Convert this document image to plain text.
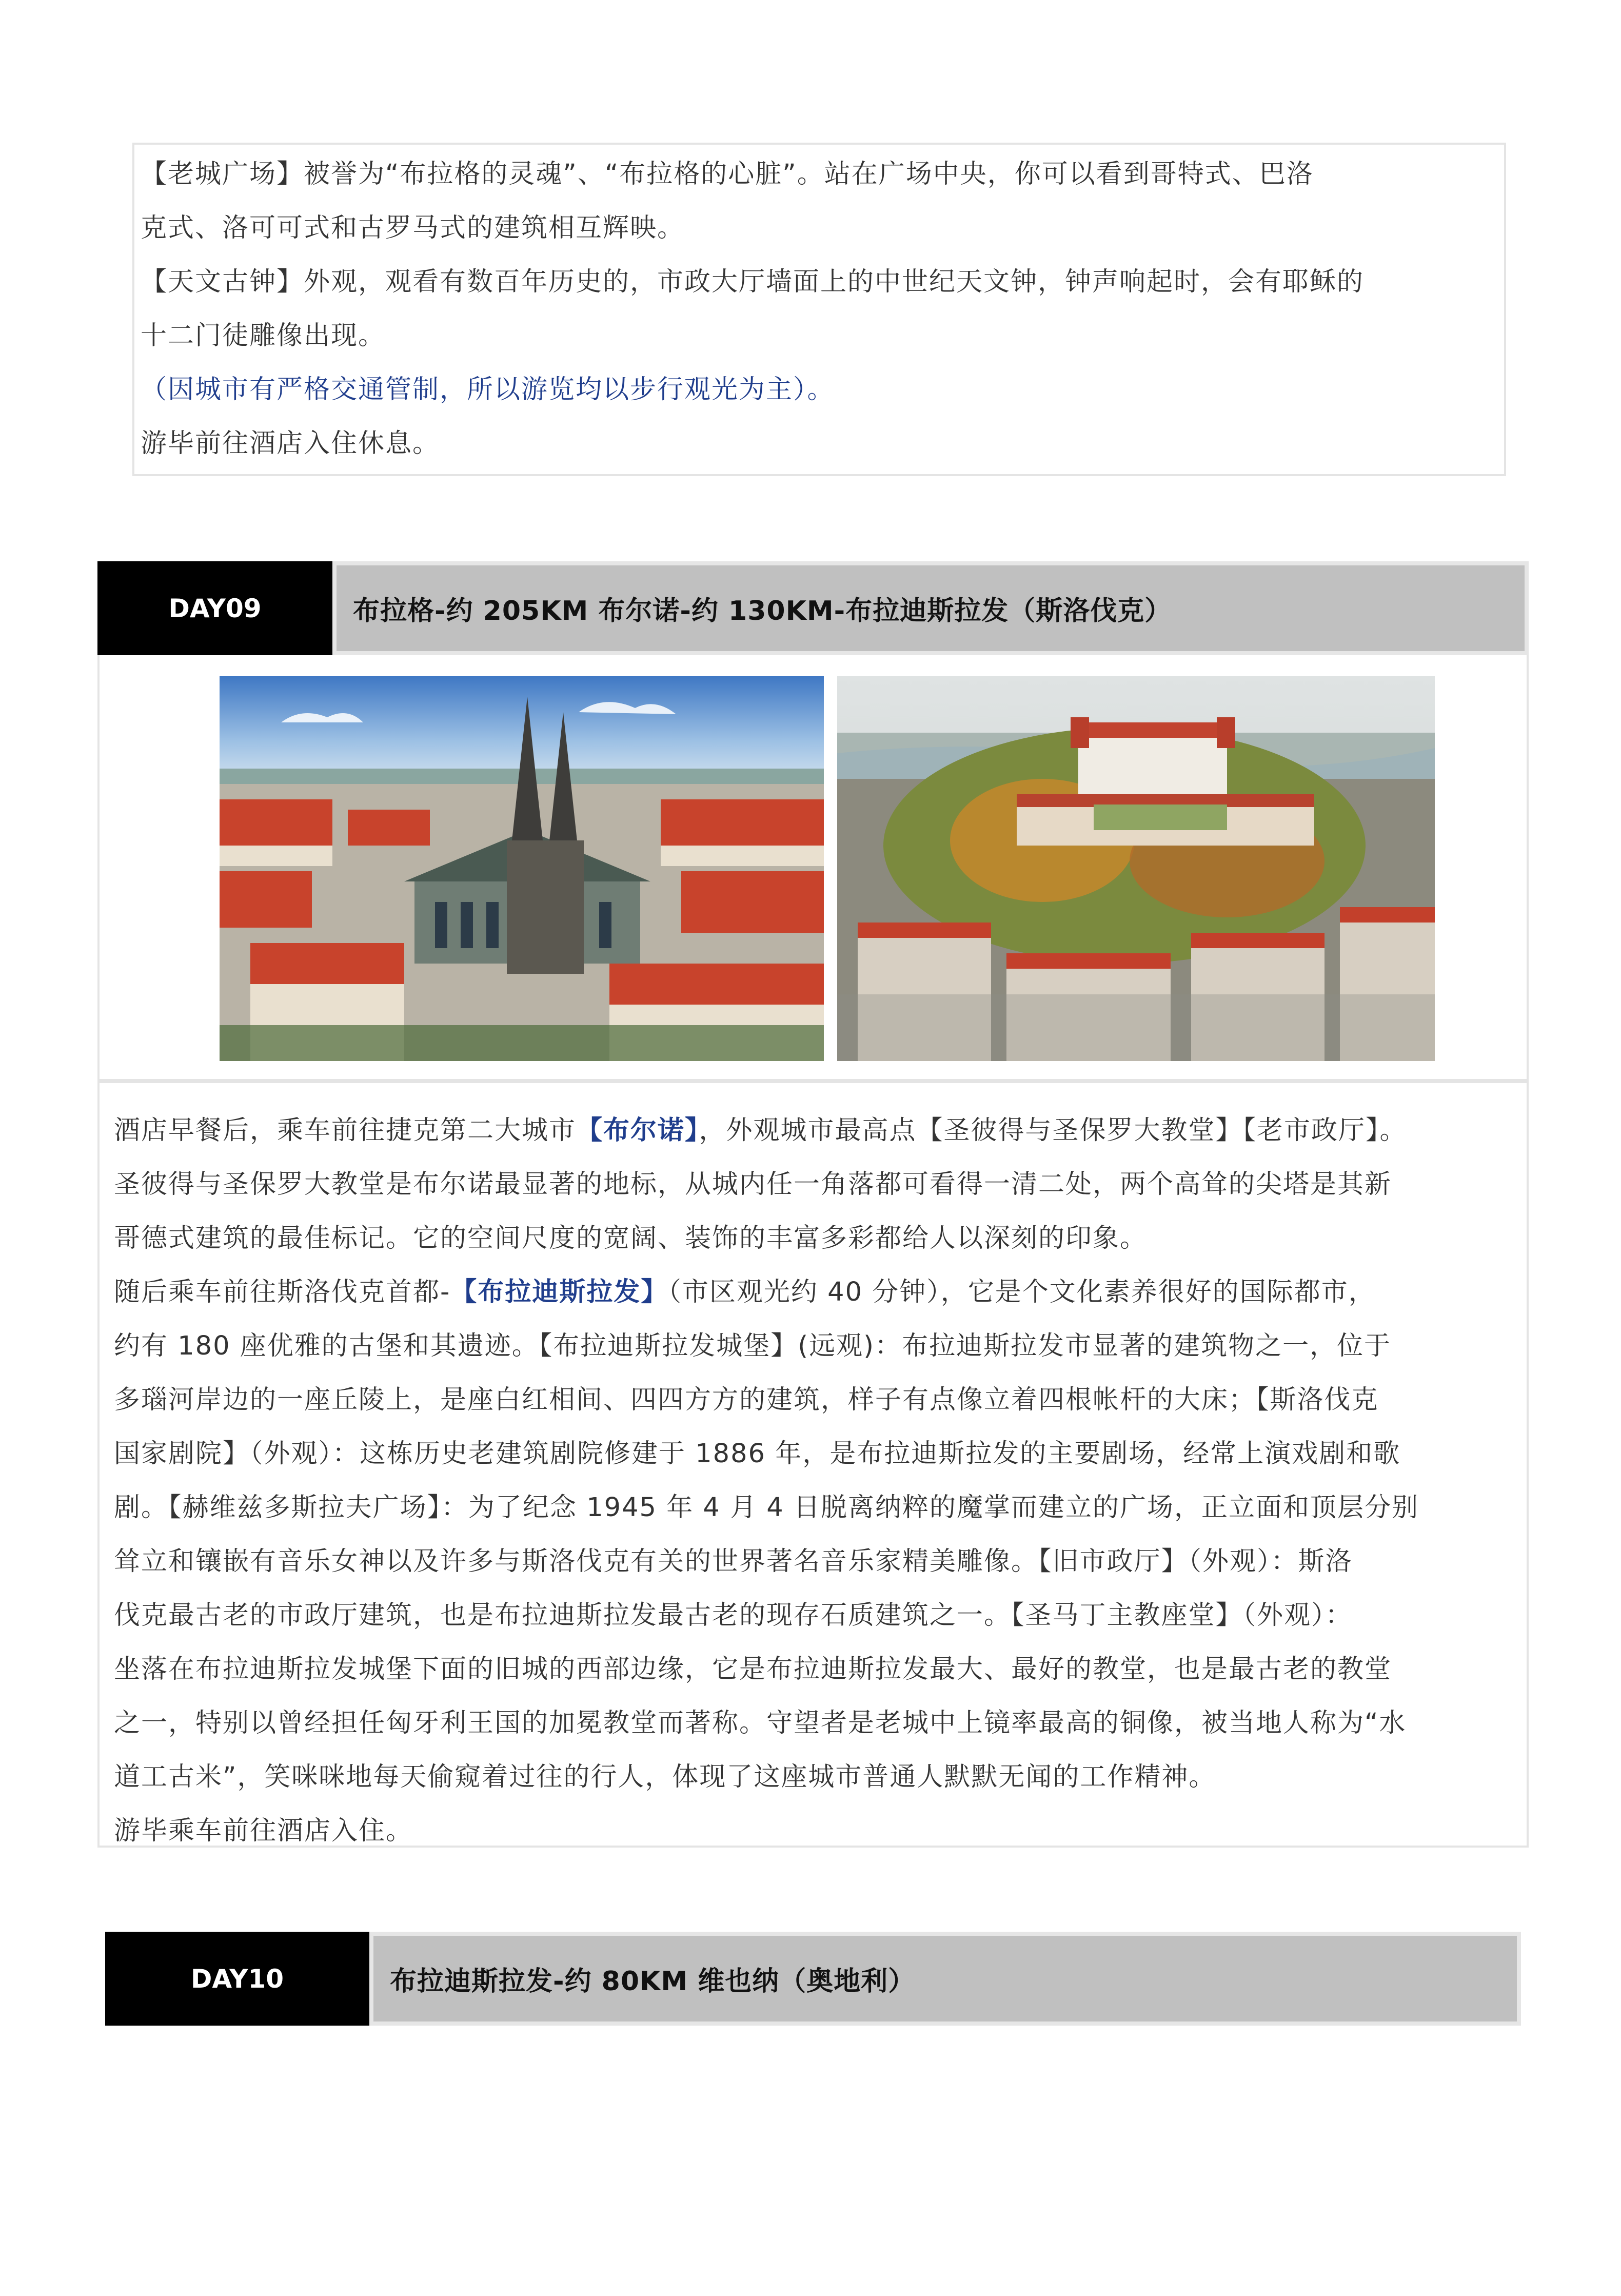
【老城广场】被誉为“布拉格的灵魂”、“布拉格的心脏”。站在广场中央，你可以看到哥特式、巴洛

克式、洛可可式和古罗马式的建筑相互辉映。

【天文古钟】外观，观看有数百年历史的，市政大厅墙面上的中世纪天文钟，钟声响起时，会有耶稣的

十二门徒雕像出现。

（因城市有严格交通管制，所以游览均以步行观光为主）。

游毕前往酒店入住休息。

DAY09	布拉格-约 205KM 布尔诺-约 130KM-布拉迪斯拉发（斯洛伐克）

酒店早餐后，乘车前往捷克第二大城市【布尔诺】，外观城市最高点【圣彼得与圣保罗大教堂】【老市政厅】。

圣彼得与圣保罗大教堂是布尔诺最显著的地标，从城内任一角落都可看得一清二处，两个高耸的尖塔是其新

哥德式建筑的最佳标记。它的空间尺度的宽阔、装饰的丰富多彩都给人以深刻的印象。

随后乘车前往斯洛伐克首都-【布拉迪斯拉发】（市区观光约 40 分钟），它是个文化素养很好的国际都市，

约有 180 座优雅的古堡和其遗迹。【布拉迪斯拉发城堡】(远观)：布拉迪斯拉发市显著的建筑物之一，位于

多瑙河岸边的一座丘陵上，是座白红相间、四四方方的建筑，样子有点像立着四根帐杆的大床；【斯洛伐克

国家剧院】（外观）：这栋历史老建筑剧院修建于 1886 年，是布拉迪斯拉发的主要剧场，经常上演戏剧和歌

剧。【赫维兹多斯拉夫广场】：为了纪念 1945 年 4 月 4 日脱离纳粹的魔掌而建立的广场，正立面和顶层分别

耸立和镶嵌有音乐女神以及许多与斯洛伐克有关的世界著名音乐家精美雕像。【旧市政厅】（外观）：斯洛

伐克最古老的市政厅建筑，也是布拉迪斯拉发最古老的现存石质建筑之一。【圣马丁主教座堂】（外观）：

坐落在布拉迪斯拉发城堡下面的旧城的西部边缘，它是布拉迪斯拉发最大、最好的教堂，也是最古老的教堂

之一，特别以曾经担任匈牙利王国的加冕教堂而著称。守望者是老城中上镜率最高的铜像，被当地人称为“水

道工古米”，笑咪咪地每天偷窥着过往的行人，体现了这座城市普通人默默无闻的工作精神。

游毕乘车前往酒店入住。

DAY10	布拉迪斯拉发-约 80KM 维也纳（奥地利）
